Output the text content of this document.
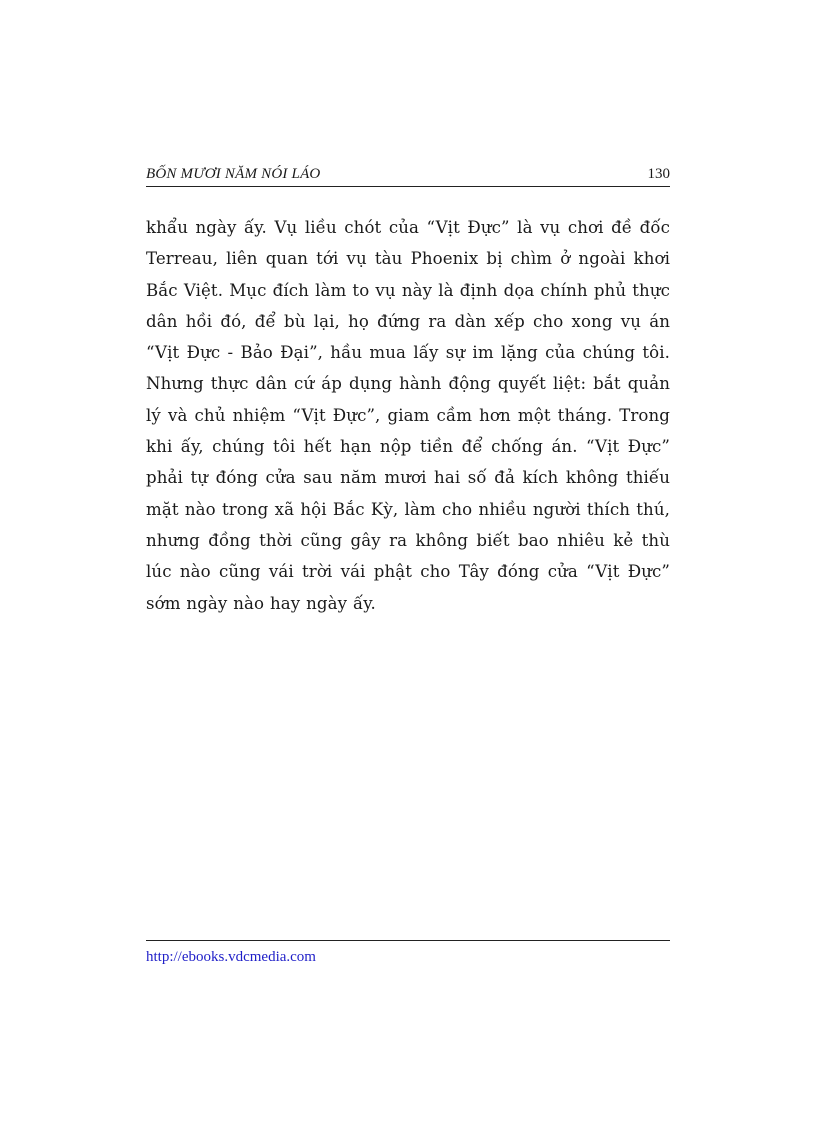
BỐN MƯƠI NĂM NÓI LÁO	130

khẩu ngày ấy. Vụ liều chót của “Vịt Đực” là vụ chơi đề đốc Terreau, liên quan tới vụ tàu Phoenix bị chìm ở ngoài khơi Bắc Việt. Mục đích làm to vụ này là định dọa chính phủ thực dân hồi đó, để bù lại, họ đứng ra dàn xếp cho xong vụ án “Vịt Đực - Bảo Đại”, hầu mua lấy sự im lặng của chúng tôi. Nhưng thực dân cứ áp dụng hành động quyết liệt: bắt quản lý và chủ nhiệm “Vịt Đực”, giam cầm hơn một tháng. Trong khi ấy, chúng tôi hết hạn nộp tiền để chống án. “Vịt Đực” phải tự đóng cửa sau năm mươi hai số đả kích không thiếu mặt nào trong xã hội Bắc Kỳ, làm cho nhiều người thích thú, nhưng đồng thời cũng gây ra không biết bao nhiêu kẻ thù lúc nào cũng vái trời vái phật cho Tây đóng cửa “Vịt Đực” sớm ngày nào hay ngày ấy.

http://ebooks.vdcmedia.com
